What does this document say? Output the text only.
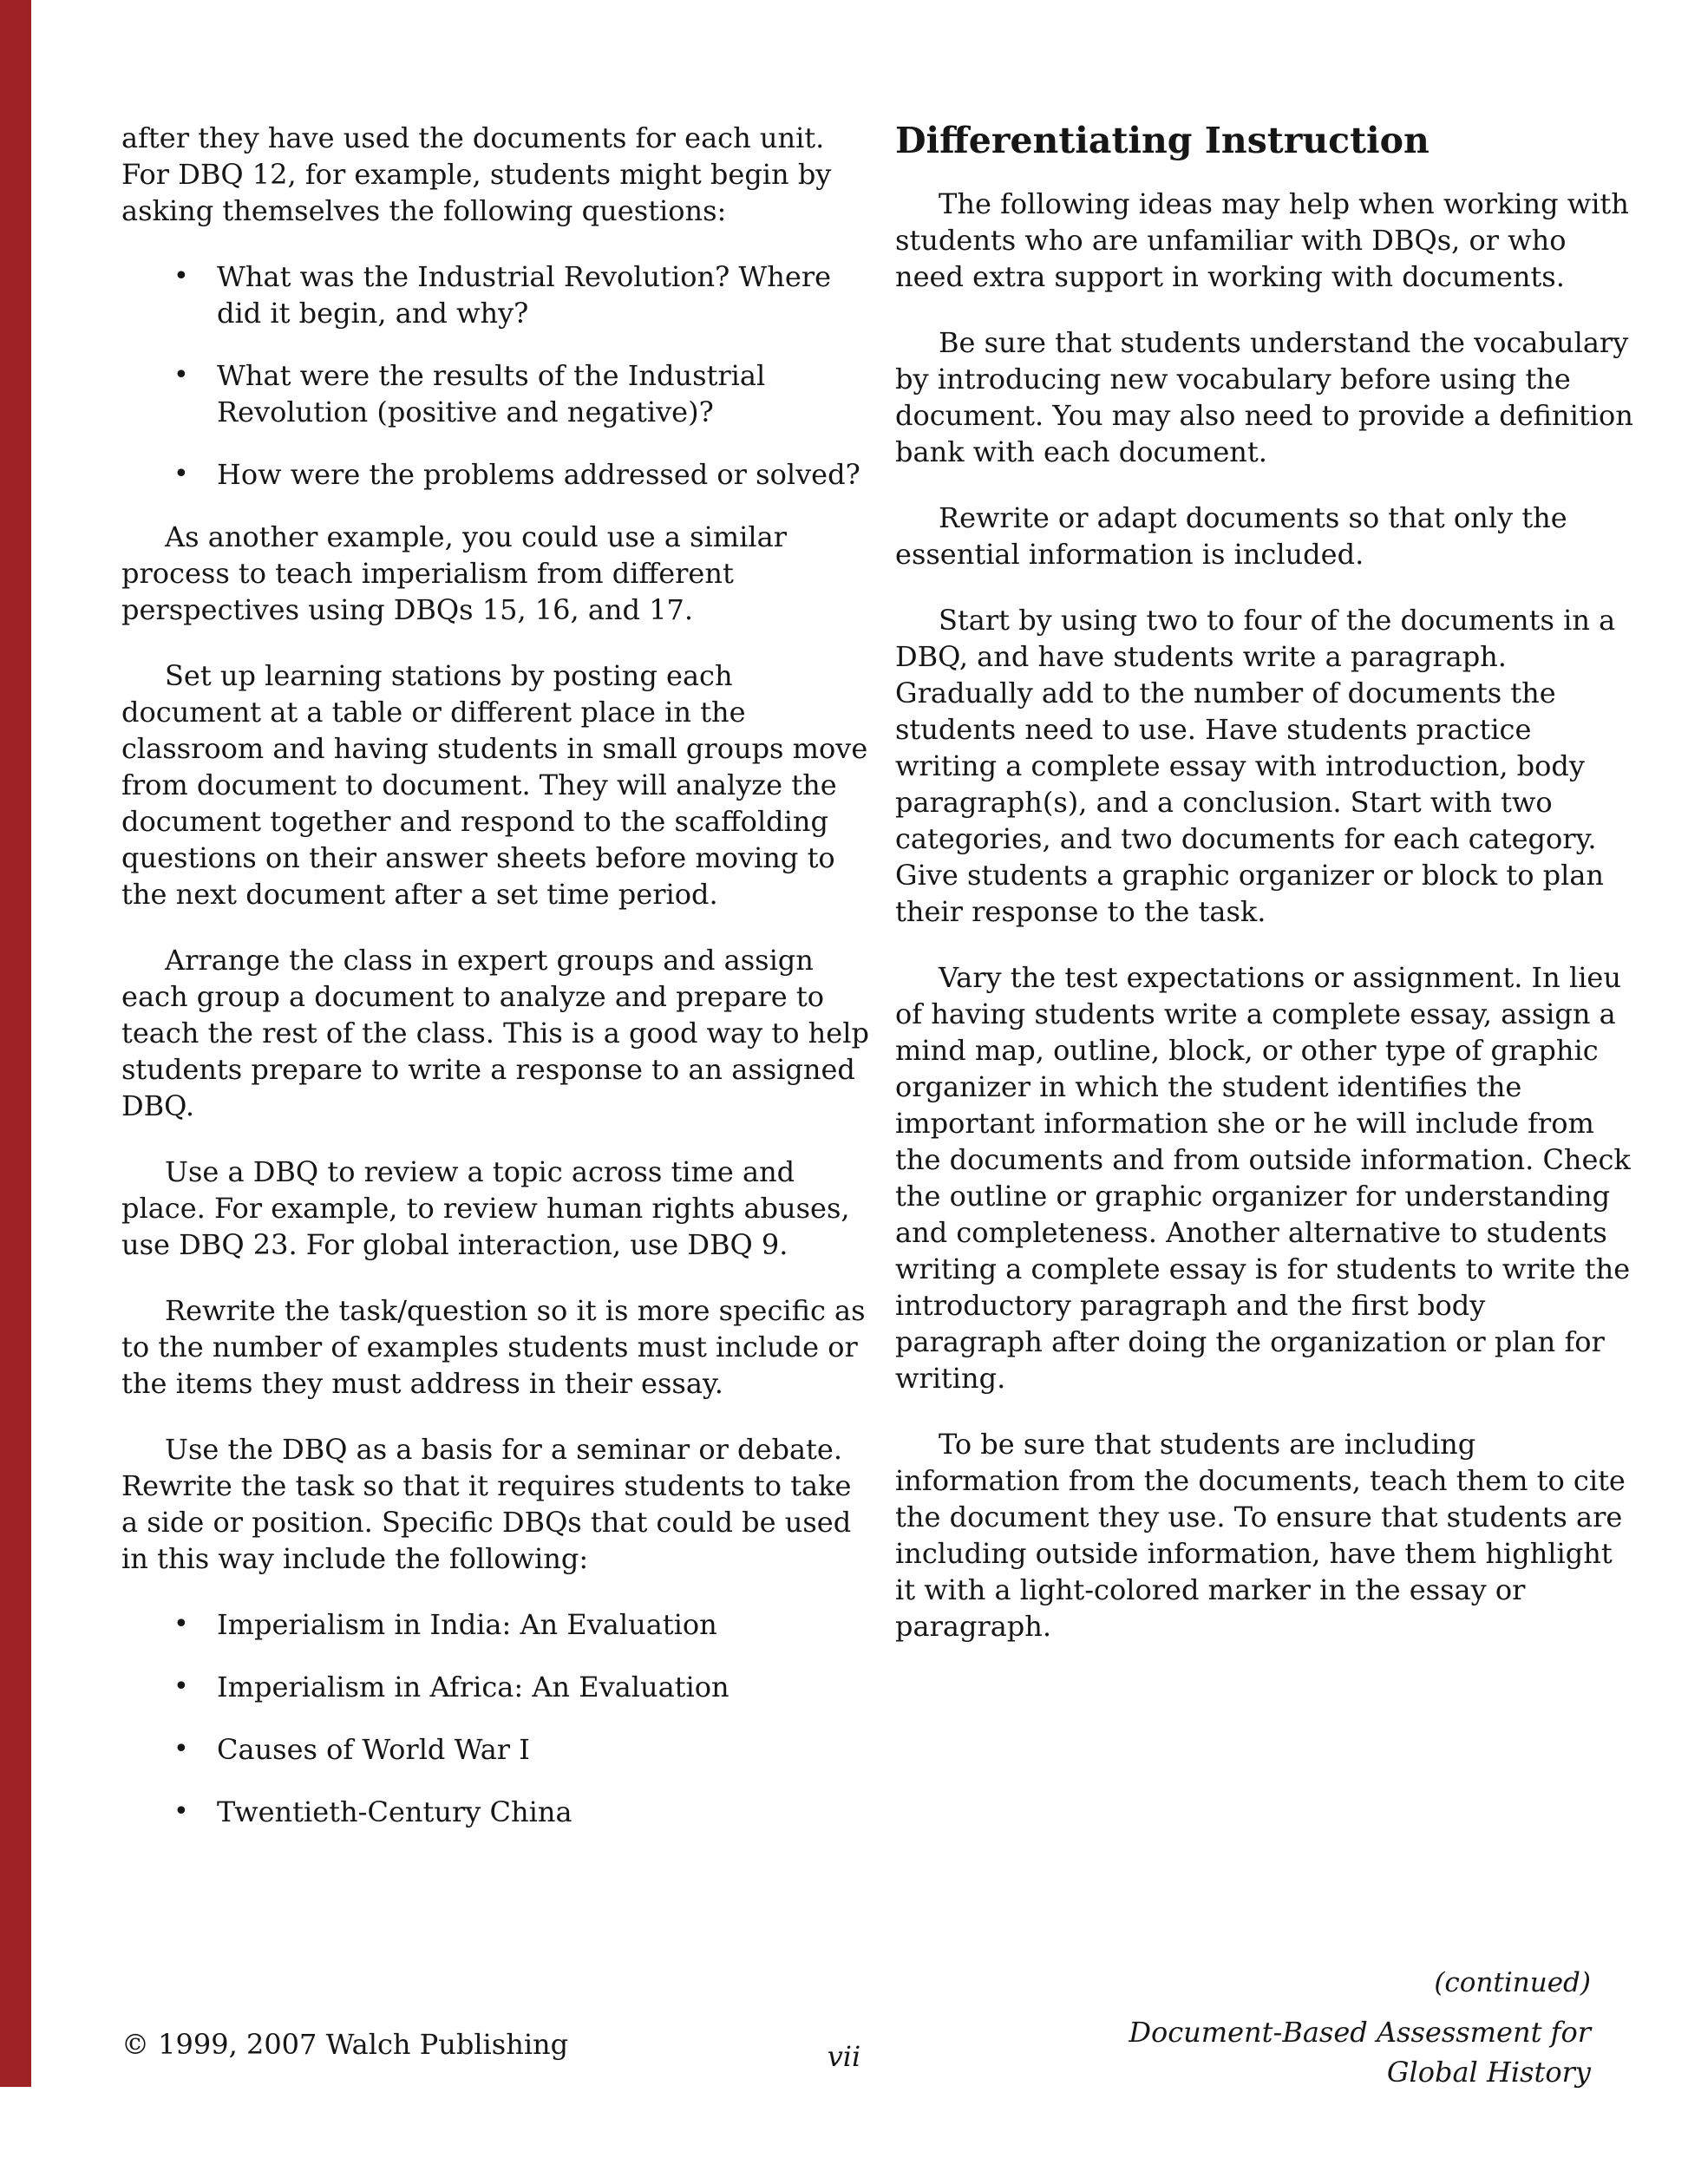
after they have used the documents for each unit. For DBQ 12, for example, students might begin by asking themselves the following questions:

•	What was the Industrial Revolution? Where did it begin, and why?
•	What were the results of the Industrial Revolution (positive and negative)?
•	How were the problems addressed or solved?

As another example, you could use a similar process to teach imperialism from different perspectives using DBQs 15, 16, and 17.

Set up learning stations by posting each document at a table or different place in the classroom and having students in small groups move from document to document. They will analyze the document together and respond to the scaffolding questions on their answer sheets before moving to the next document after a set time period.

Arrange the class in expert groups and assign each group a document to analyze and prepare to teach the rest of the class. This is a good way to help students prepare to write a response to an assigned DBQ.

Use a DBQ to review a topic across time and place. For example, to review human rights abuses, use DBQ 23. For global interaction, use DBQ 9.

Rewrite the task/question so it is more specific as to the number of examples students must include or the items they must address in their essay.

Use the DBQ as a basis for a seminar or debate. Rewrite the task so that it requires students to take a side or position. Specific DBQs that could be used in this way include the following:

•	Imperialism in India: An Evaluation
•	Imperialism in Africa: An Evaluation
•	Causes of World War I
•	Twentieth-Century China
Differentiating Instruction

The following ideas may help when working with students who are unfamiliar with DBQs, or who need extra support in working with documents.

Be sure that students understand the vocabulary by introducing new vocabulary before using the document. You may also need to provide a definition bank with each document.

Rewrite or adapt documents so that only the essential information is included.

Start by using two to four of the documents in a DBQ, and have students write a paragraph. Gradually add to the number of documents the students need to use. Have students practice writing a complete essay with introduction, body paragraph(s), and a conclusion. Start with two categories, and two documents for each category. Give students a graphic organizer or block to plan their response to the task.

Vary the test expectations or assignment. In lieu of having students write a complete essay, assign a mind map, outline, block, or other type of graphic organizer in which the student identifies the important information she or he will include from the documents and from outside information. Check the outline or graphic organizer for understanding and completeness. Another alternative to students writing a complete essay is for students to write the introductory paragraph and the first body paragraph after doing the organization or plan for writing.

To be sure that students are including information from the documents, teach them to cite the document they use. To ensure that students are including outside information, have them highlight it with a light-colored marker in the essay or paragraph.

(continued)
© 1999, 2007 Walch Publishing	vii
Document-Based Assessment for
Global History
